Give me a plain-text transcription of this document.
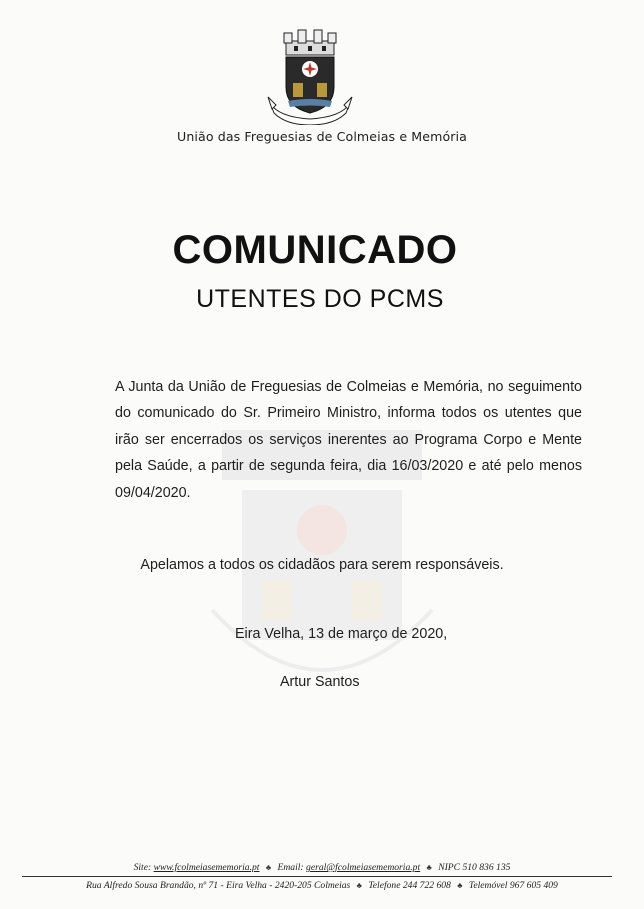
União das Freguesias de Colmeias e Memória
COMUNICADO
UTENTES DO PCMS
A Junta da União de Freguesias de Colmeias e Memória, no seguimento do comunicado do Sr. Primeiro Ministro, informa todos os utentes que irão ser encerrados os serviços inerentes ao Programa Corpo e Mente pela Saúde, a partir de segunda feira, dia 16/03/2020 e até pelo menos 09/04/2020.
Apelamos a todos os cidadãos para serem responsáveis.
Eira Velha, 13 de março de 2020,
Artur Santos
Site: www.fcolmeiasememoria.pt ♣ Email: geral@fcolmeiasememoria.pt ♣ NIPC 510 836 135
Rua Alfredo Sousa Brandão, nº 71 - Eira Velha - 2420-205 Colmeias ♣ Telefone 244 722 608 ♣ Telemóvel 967 605 409
